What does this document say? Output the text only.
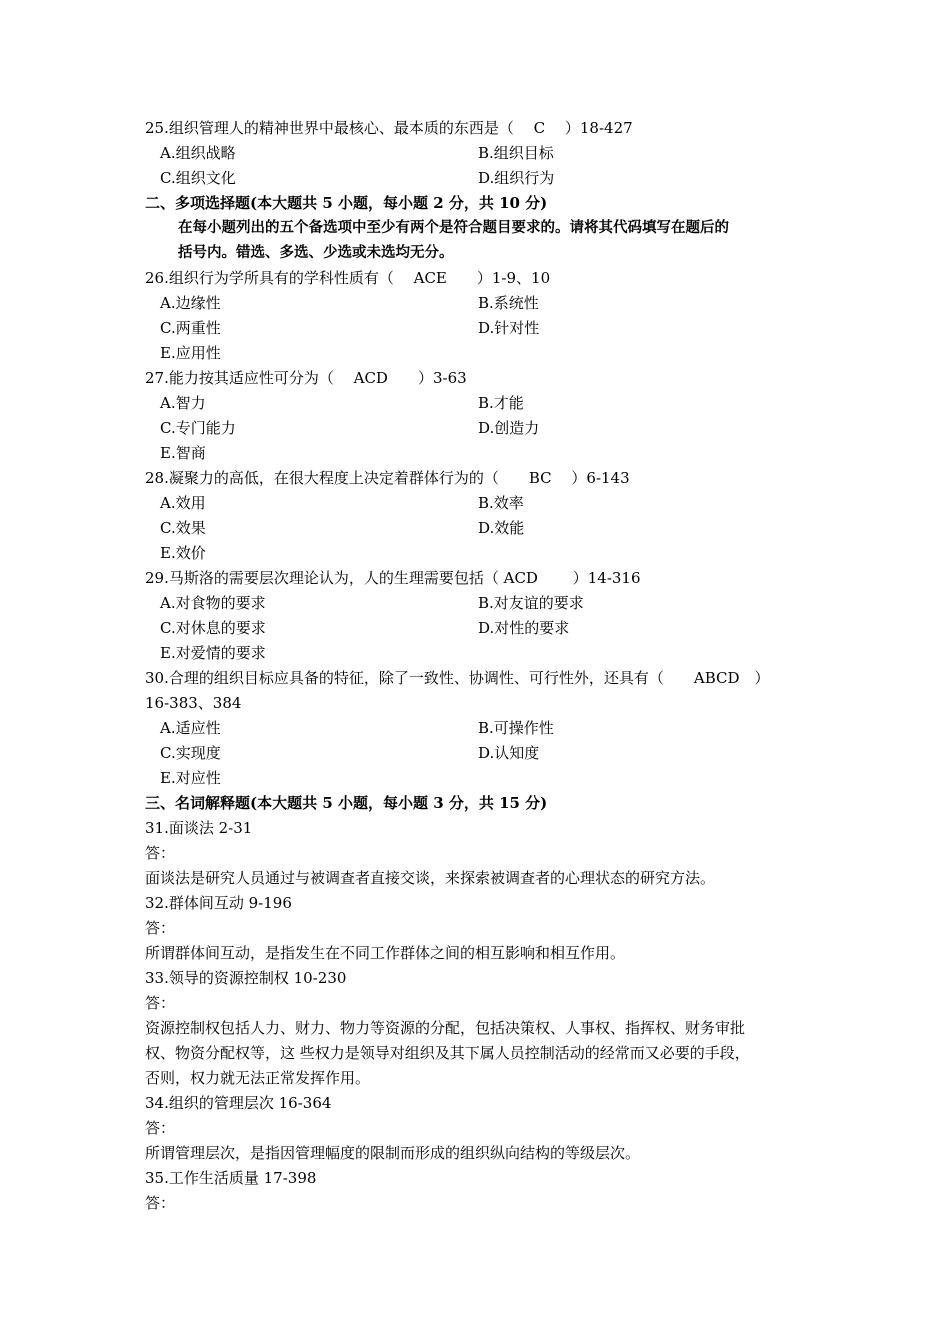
25.组织管理人的精神世界中最核心、最本质的东西是（　 C　 ）18-427
A.组织战略	B.组织目标
C.组织文化	D.组织行为
二、多项选择题(本大题共 5 小题，每小题 2 分，共 10 分)
在每小题列出的五个备选项中至少有两个是符合题目要求的。请将其代码填写在题后的
括号内。错选、多选、少选或未选均无分。
26.组织行为学所具有的学科性质有（　 ACE　　）1-9、10
A.边缘性	B.系统性
C.两重性	D.针对性
E.应用性
27.能力按其适应性可分为（　 ACD　　）3-63
A.智力	B.才能
C.专门能力	D.创造力
E.智商
28.凝聚力的高低，在很大程度上决定着群体行为的（　　BC　 ）6-143
A.效用	B.效率
C.效果	D.效能
E.效价
29.马斯洛的需要层次理论认为，人的生理需要包括（ ACD　　 ）14-316
A.对食物的要求	B.对友谊的要求
C.对休息的要求	D.对性的要求
E.对爱情的要求
30.合理的组织目标应具备的特征，除了一致性、协调性、可行性外，还具有（　　ABCD　）
16-383、384
A.适应性	B.可操作性
C.实现度	D.认知度
E.对应性
三、名词解释题(本大题共 5 小题，每小题 3 分，共 15 分)
31.面谈法 2-31
答：
面谈法是研究人员通过与被调查者直接交谈，来探索被调查者的心理状态的研究方法。
32.群体间互动 9-196
答：
所谓群体间互动，是指发生在不同工作群体之间的相互影响和相互作用。
33.领导的资源控制权 10-230
答：
资源控制权包括人力、财力、物力等资源的分配，包括决策权、人事权、指挥权、财务审批
权、物资分配权等，这 些权力是领导对组织及其下属人员控制活动的经常而又必要的手段，
否则，权力就无法正常发挥作用。
34.组织的管理层次 16-364
答：
所谓管理层次，是指因管理幅度的限制而形成的组织纵向结构的等级层次。
35.工作生活质量 17-398
答：
